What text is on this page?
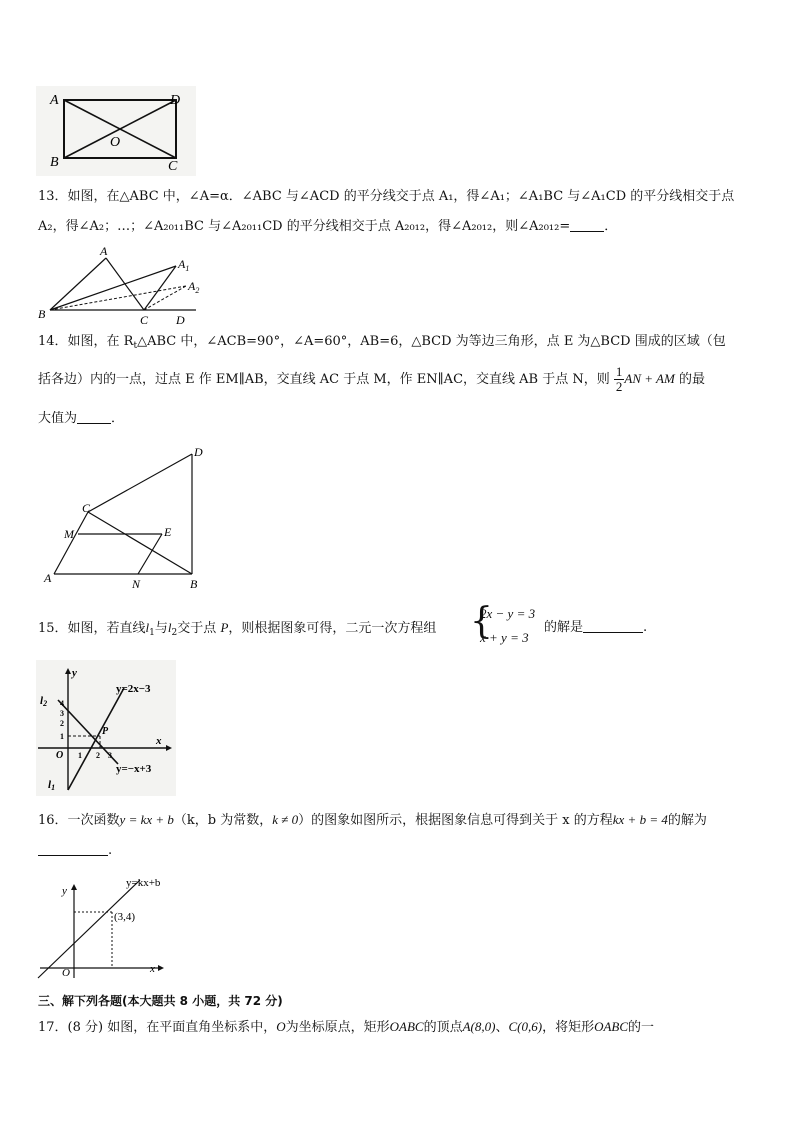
A	D
B	C
O
13．如图，在△ABC 中，∠A=α．∠ABC 与∠ACD 的平分线交于点 A₁，得∠A₁；∠A₁BC 与∠A₁CD 的平分线相交于点
A₂，得∠A₂；…；∠A₂₀₁₁BC 与∠A₂₀₁₁CD 的平分线相交于点 A₂₀₁₂，得∠A₂₀₁₂，则∠A₂₀₁₂=	．
A
$A_1$
$A_2$
B	C D
14．如图，在 $R_t\triangle ABC$ 中，∠ACB=90°，∠A=60°，AB=6，△BCD 为等边三角形，点 E 为△BCD 围成的区域（包
括各边）内的一点，过点 E 作 EM∥AB，交直线 AC 于点 M，作 EN∥AC，交直线 AB 于点 N，则 $\frac{1}{2}$ AN + AM 的最
大值为	．
D
C
M	E
A	N	B
15．如图，若直线$l_1$与$l_2$交于点 P，则根据图象可得，二元一次方程组 {
2x − y = 3
x + y = 3
的解是	.
y
l2
l1
4
3
2
1
O 1 2 3
x
P
y=2x−3
y=−x+3
16．一次函数y = kx + b（k，b 为常数，k ≠ 0）的图象如图所示，根据图象信息可得到关于 x 的方程kx + b = 4的解为
.
y
y=kx+b
(3,4)
O	x
三、解下列各题(本大题共 8 小题，共 72 分)
17．(8 分) 如图，在平面直角坐标系中，O为坐标原点，矩形OABC的顶点A(8,0)、C(0,6)，将矩形OABC的一
